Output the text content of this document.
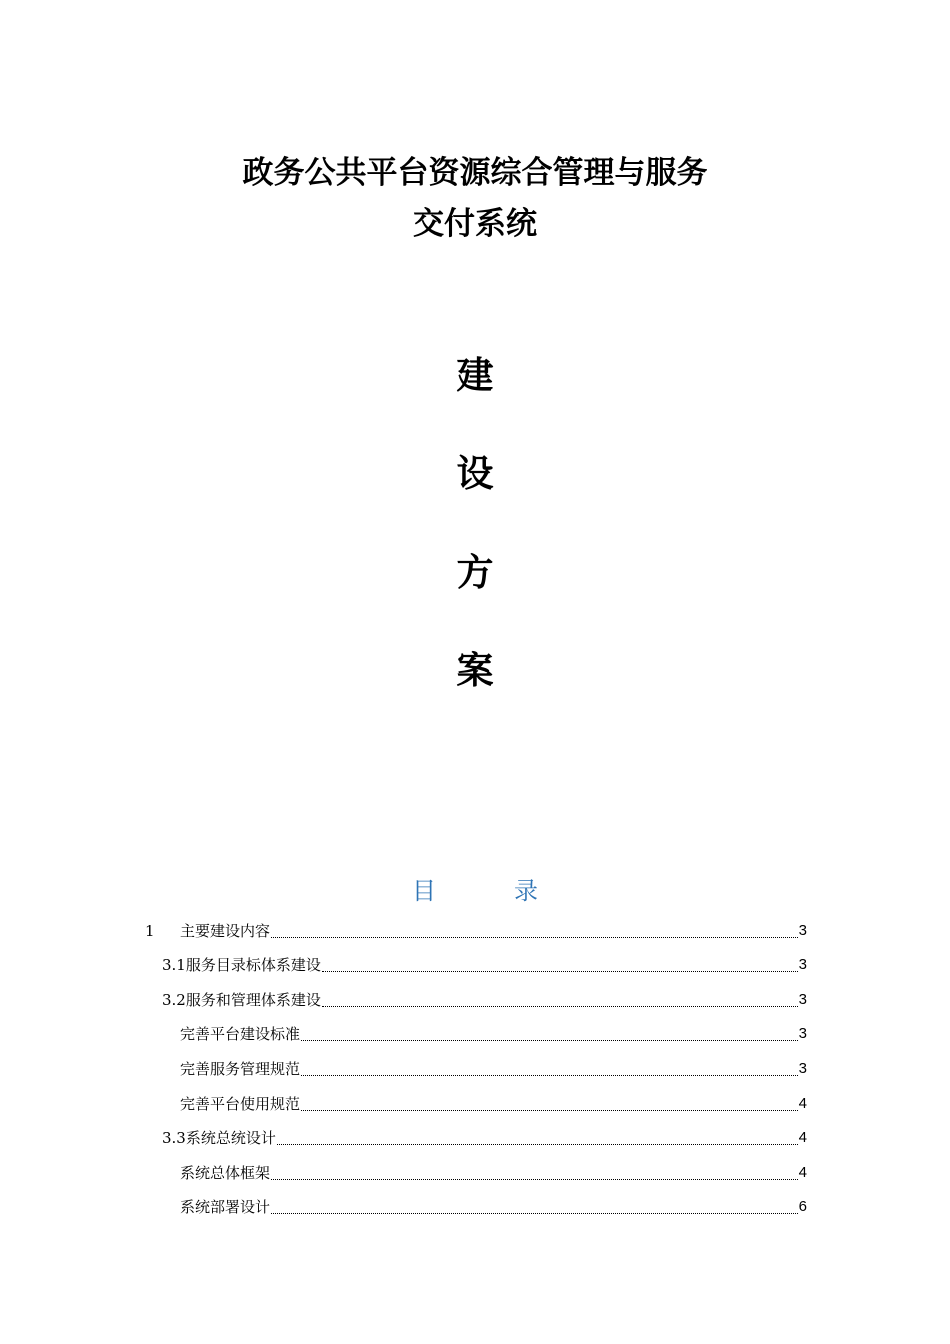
政务公共平台资源综合管理与服务
交付系统
建
设
方
案
目	录
1	主要建设内容	3
3.1 服务目录标体系建设	3
3.2 服务和管理体系建设	3
完善平台建设标准	3
完善服务管理规范	3
完善平台使用规范	4
3.3 系统总统设计	4
系统总体框架	4
系统部署设计	6
